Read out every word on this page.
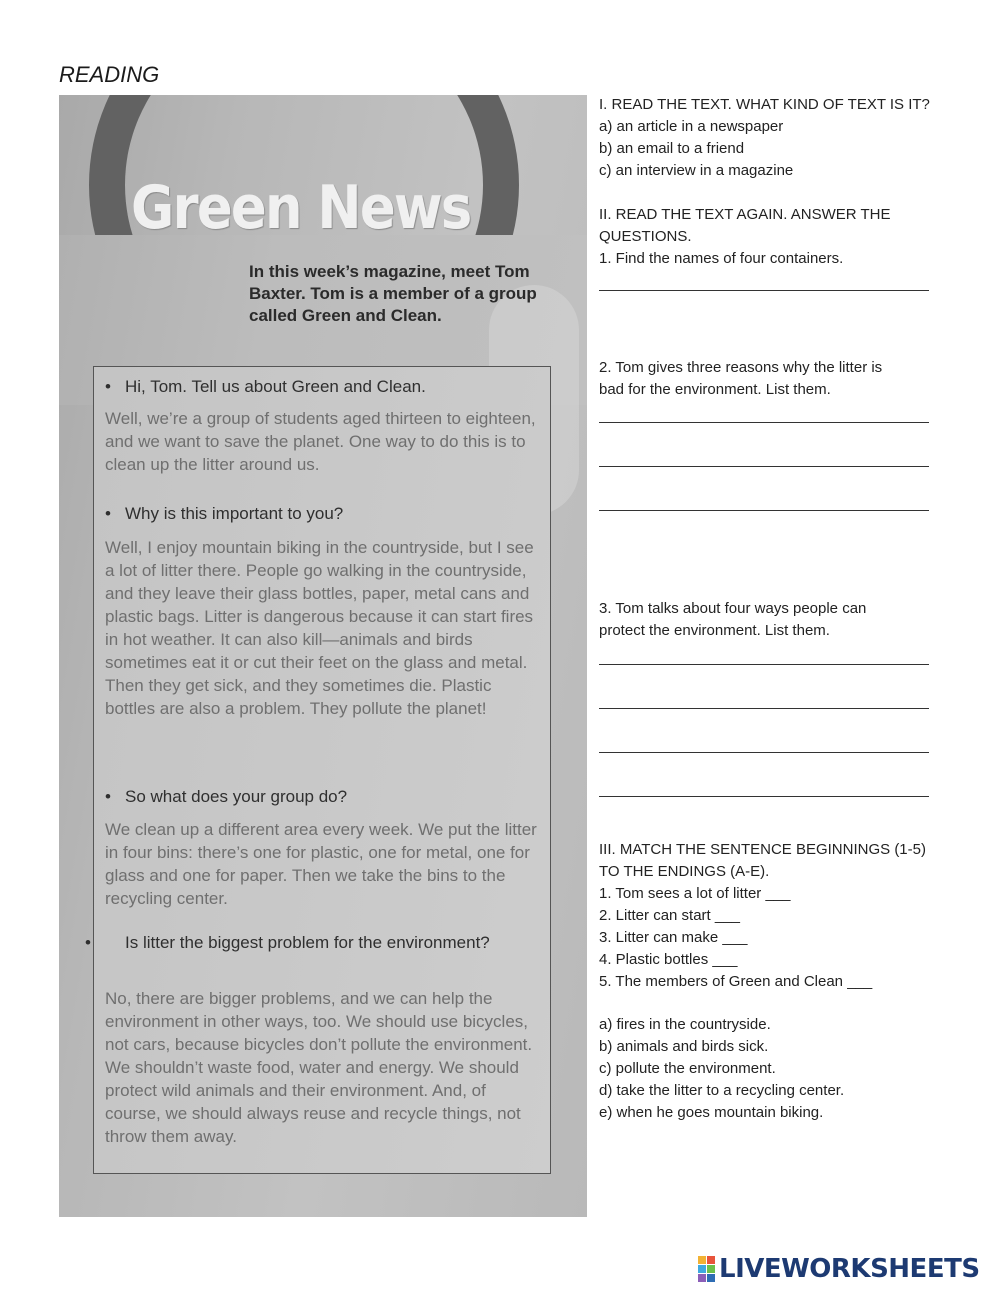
READING
Green News
In this week’s magazine, meet Tom Baxter. Tom is a member of a group called Green and Clean.
• Hi, Tom. Tell us about Green and Clean.
Well, we’re a group of students aged thirteen to eighteen, and we want to save the planet. One way to do this is to clean up the litter around us.
• Why is this important to you?
Well, I enjoy mountain biking in the countryside, but I see a lot of litter there. People go walking in the countryside, and they leave their glass bottles, paper, metal cans and plastic bags. Litter is dangerous because it can start fires in hot weather. It can also kill—animals and birds sometimes eat it or cut their feet on the glass and metal. Then they get sick, and they sometimes die. Plastic bottles are also a problem. They pollute the planet!
• So what does your group do?
We clean up a different area every week. We put the litter in four bins: there’s one for plastic, one for metal, one for glass and one for paper. Then we take the bins to the recycling center.
• Is litter the biggest problem for the environment?
No, there are bigger problems, and we can help the environment in other ways, too. We should use bicycles, not cars, because bicycles don’t pollute the environment. We shouldn’t waste food, water and energy. We should protect wild animals and their environment. And, of course, we should always reuse and recycle things, not throw them away.
I. READ THE TEXT. WHAT KIND OF TEXT IS IT?
a) an article in a newspaper
b) an email to a friend
c) an interview in a magazine
II. READ THE TEXT AGAIN. ANSWER THE
QUESTIONS.
1. Find the names of four containers.
2. Tom gives three reasons why the litter is
bad for the environment. List them.
3. Tom talks about four ways people can
protect the environment. List them.
III. MATCH THE SENTENCE BEGINNINGS (1-5)
TO THE ENDINGS (A-E).
1. Tom sees a lot of litter ___
2. Litter can start ___
3. Litter can make ___
4. Plastic bottles ___
5. The members of Green and Clean ___
a) fires in the countryside.
b) animals and birds sick.
c) pollute the environment.
d) take the litter to a recycling center.
e) when he goes mountain biking.
LIVEWORKSHEETS
